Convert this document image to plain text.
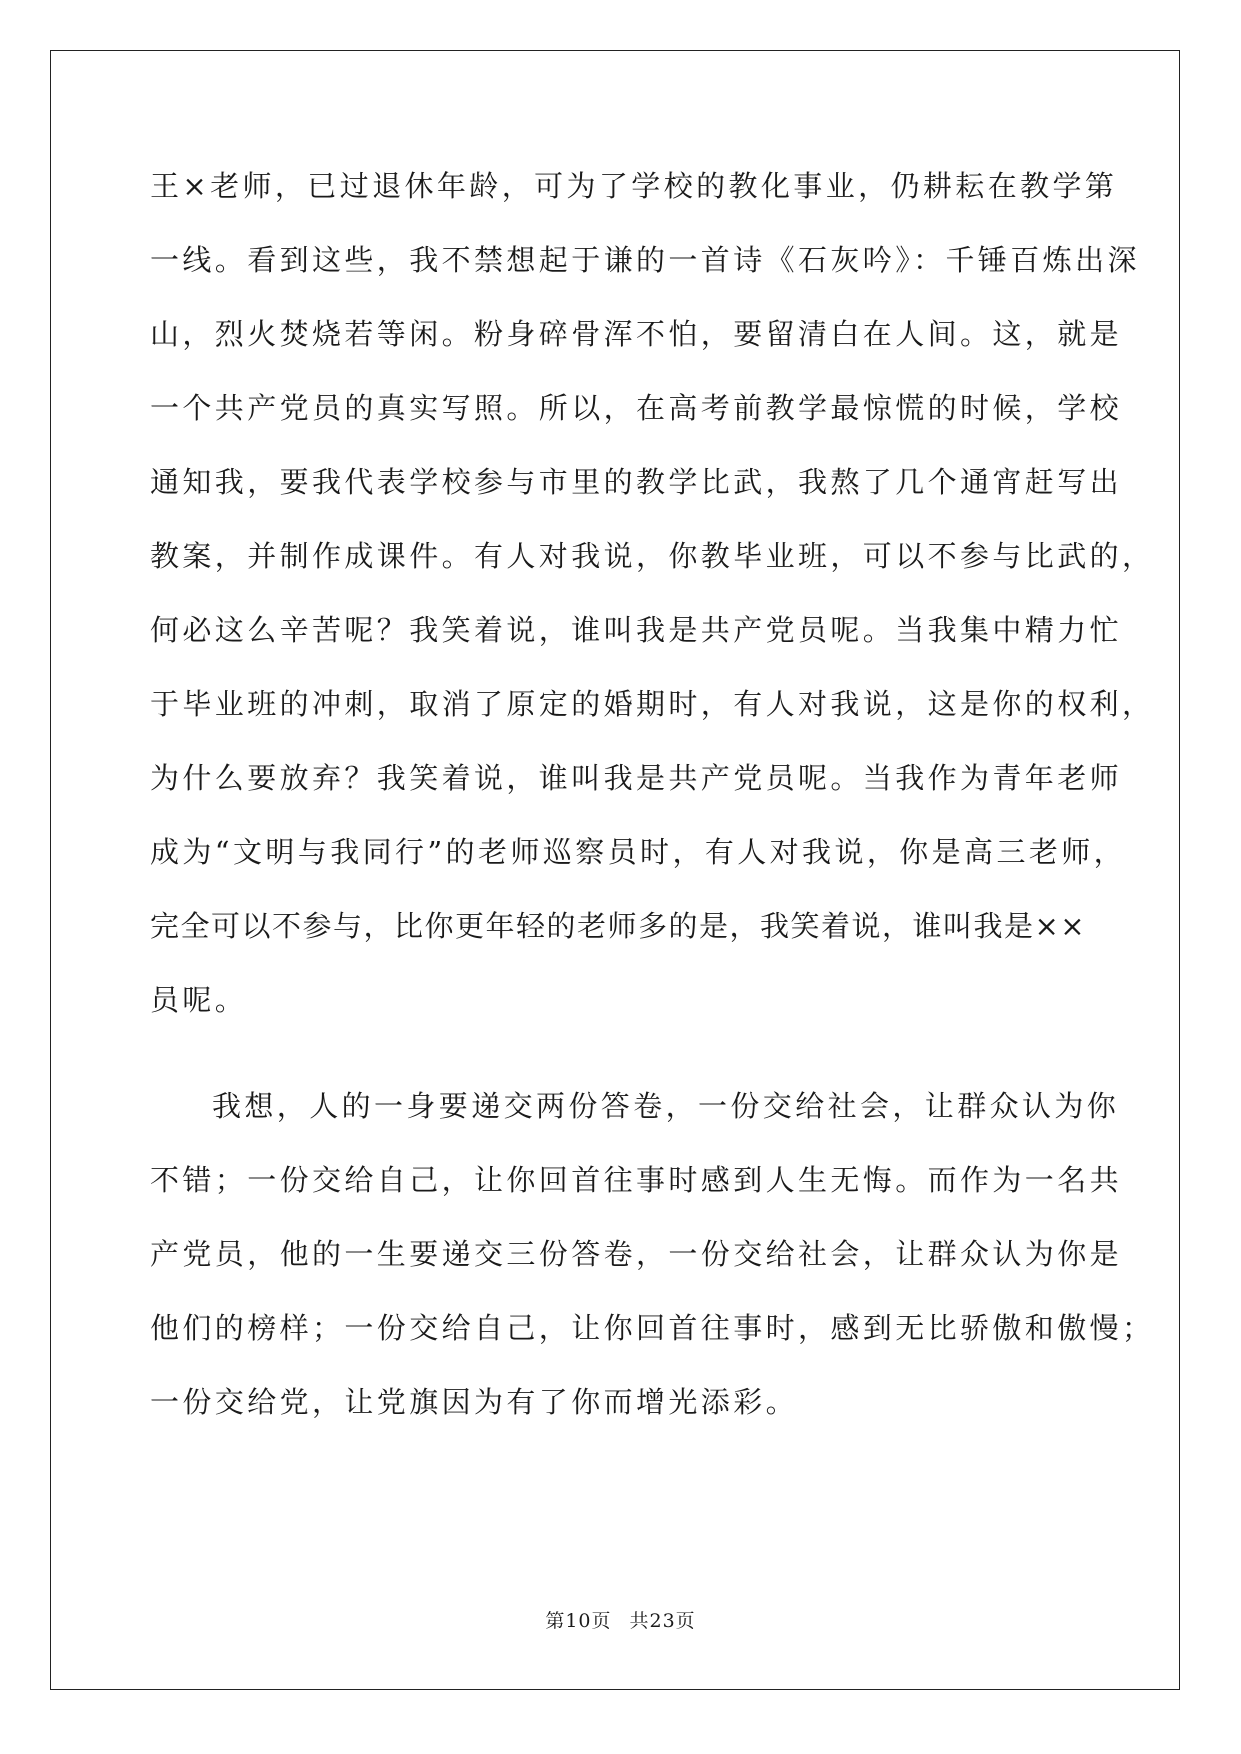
王×老师，已过退休年龄，可为了学校的教化事业，仍耕耘在教学第
一线。看到这些，我不禁想起于谦的一首诗《石灰吟》：千锤百炼出深
山，烈火焚烧若等闲。粉身碎骨浑不怕，要留清白在人间。这，就是
一个共产党员的真实写照。所以，在高考前教学最惊慌的时候，学校
通知我，要我代表学校参与市里的教学比武，我熬了几个通宵赶写出
教案，并制作成课件。有人对我说，你教毕业班，可以不参与比武的，
何必这么辛苦呢？我笑着说，谁叫我是共产党员呢。当我集中精力忙
于毕业班的冲刺，取消了原定的婚期时，有人对我说，这是你的权利，
为什么要放弃？我笑着说，谁叫我是共产党员呢。当我作为青年老师
成为“文明与我同行”的老师巡察员时，有人对我说，你是高三老师，
完全可以不参与，比你更年轻的老师多的是，我笑着说，谁叫我是××
员呢。
我想，人的一身要递交两份答卷，一份交给社会，让群众认为你
不错；一份交给自己，让你回首往事时感到人生无悔。而作为一名共
产党员，他的一生要递交三份答卷，一份交给社会，让群众认为你是
他们的榜样；一份交给自己，让你回首往事时，感到无比骄傲和傲慢；
一份交给党，让党旗因为有了你而增光添彩。
第10页 共23页
